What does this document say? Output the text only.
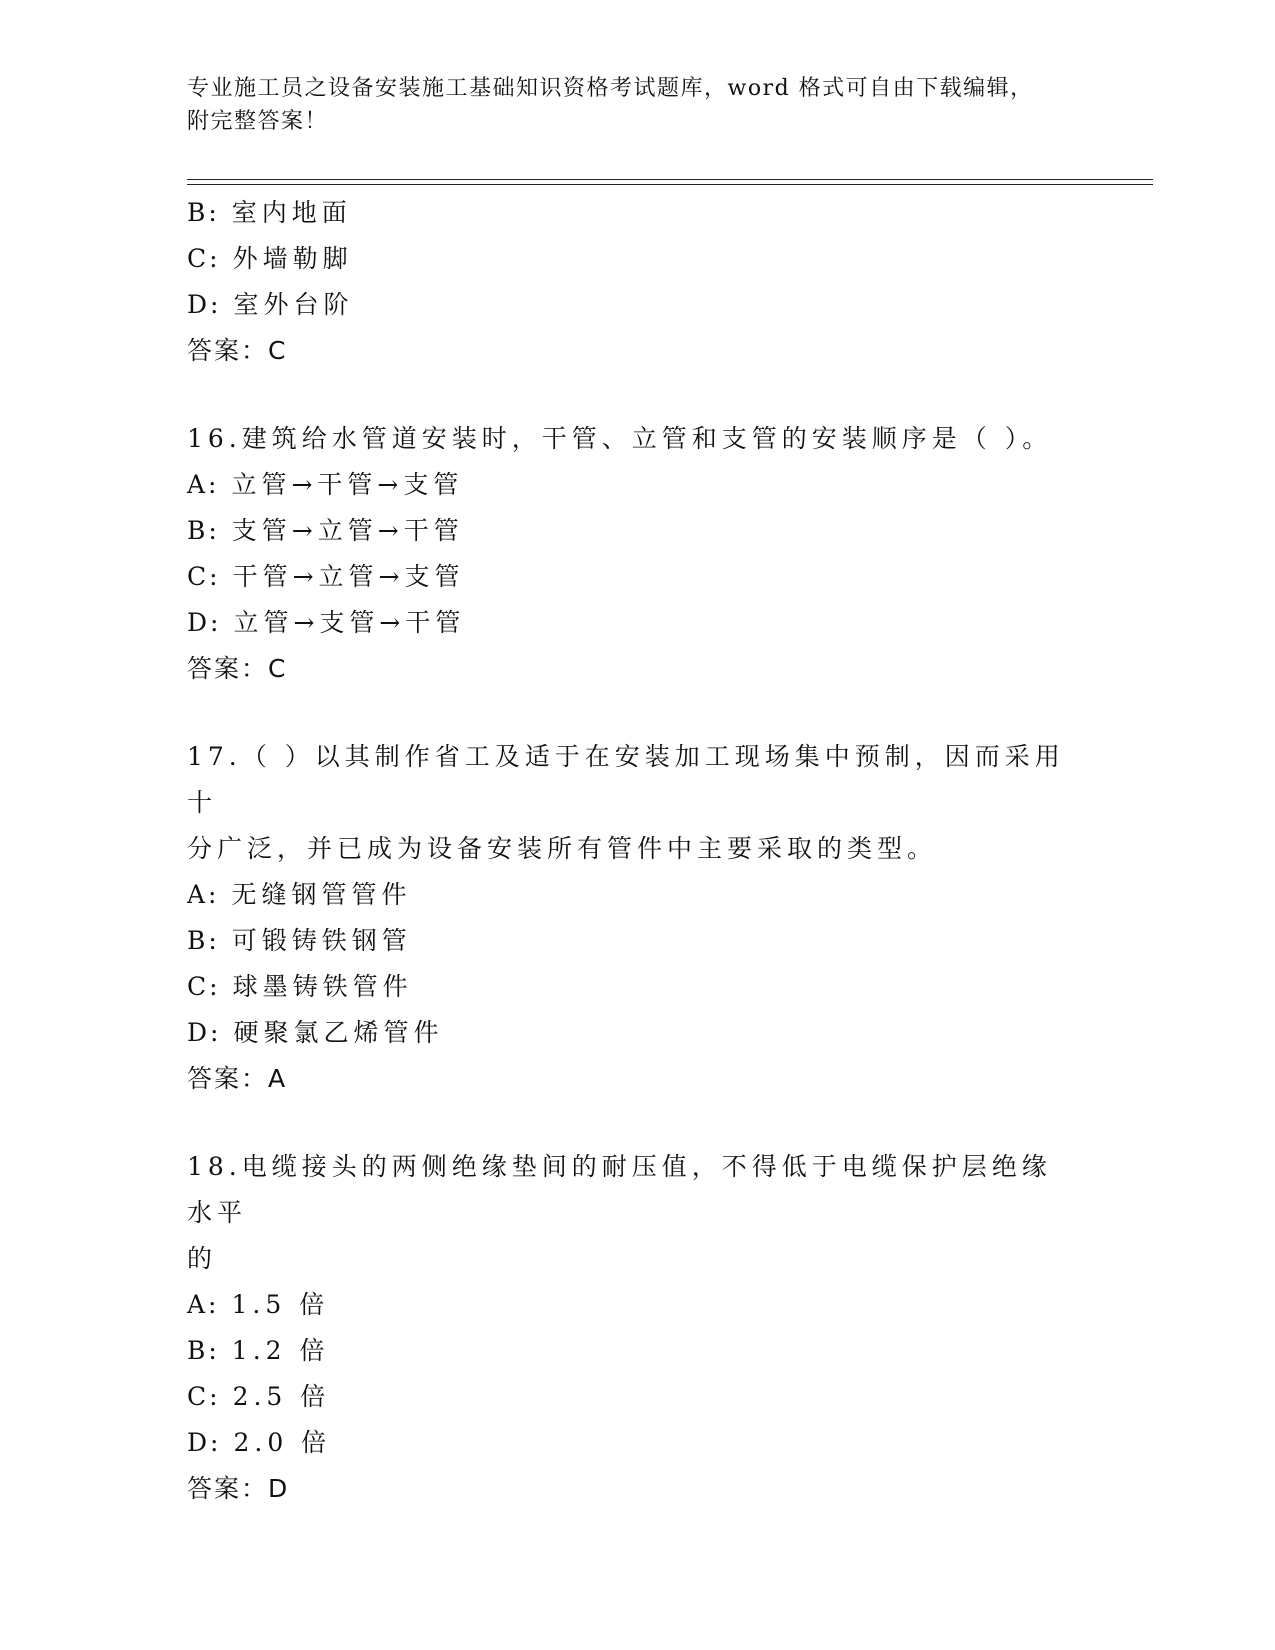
专业施工员之设备安装施工基础知识资格考试题库，word 格式可自由下载编辑，
附完整答案！
B: 室内地面
C: 外墙勒脚
D: 室外台阶
答案：C
16.建筑给水管道安装时，干管、立管和支管的安装顺序是（ ）。
A: 立管→干管→支管
B: 支管→立管→干管
C: 干管→立管→支管
D: 立管→支管→干管
答案：C
17.（ ）以其制作省工及适于在安装加工现场集中预制，因而采用十
分广泛，并已成为设备安装所有管件中主要采取的类型。
A: 无缝钢管管件
B: 可锻铸铁钢管
C: 球墨铸铁管件
D: 硬聚氯乙烯管件
答案：A
18.电缆接头的两侧绝缘垫间的耐压值，不得低于电缆保护层绝缘水平
的
A: 1.5 倍
B: 1.2 倍
C: 2.5 倍
D: 2.0 倍
答案：D
